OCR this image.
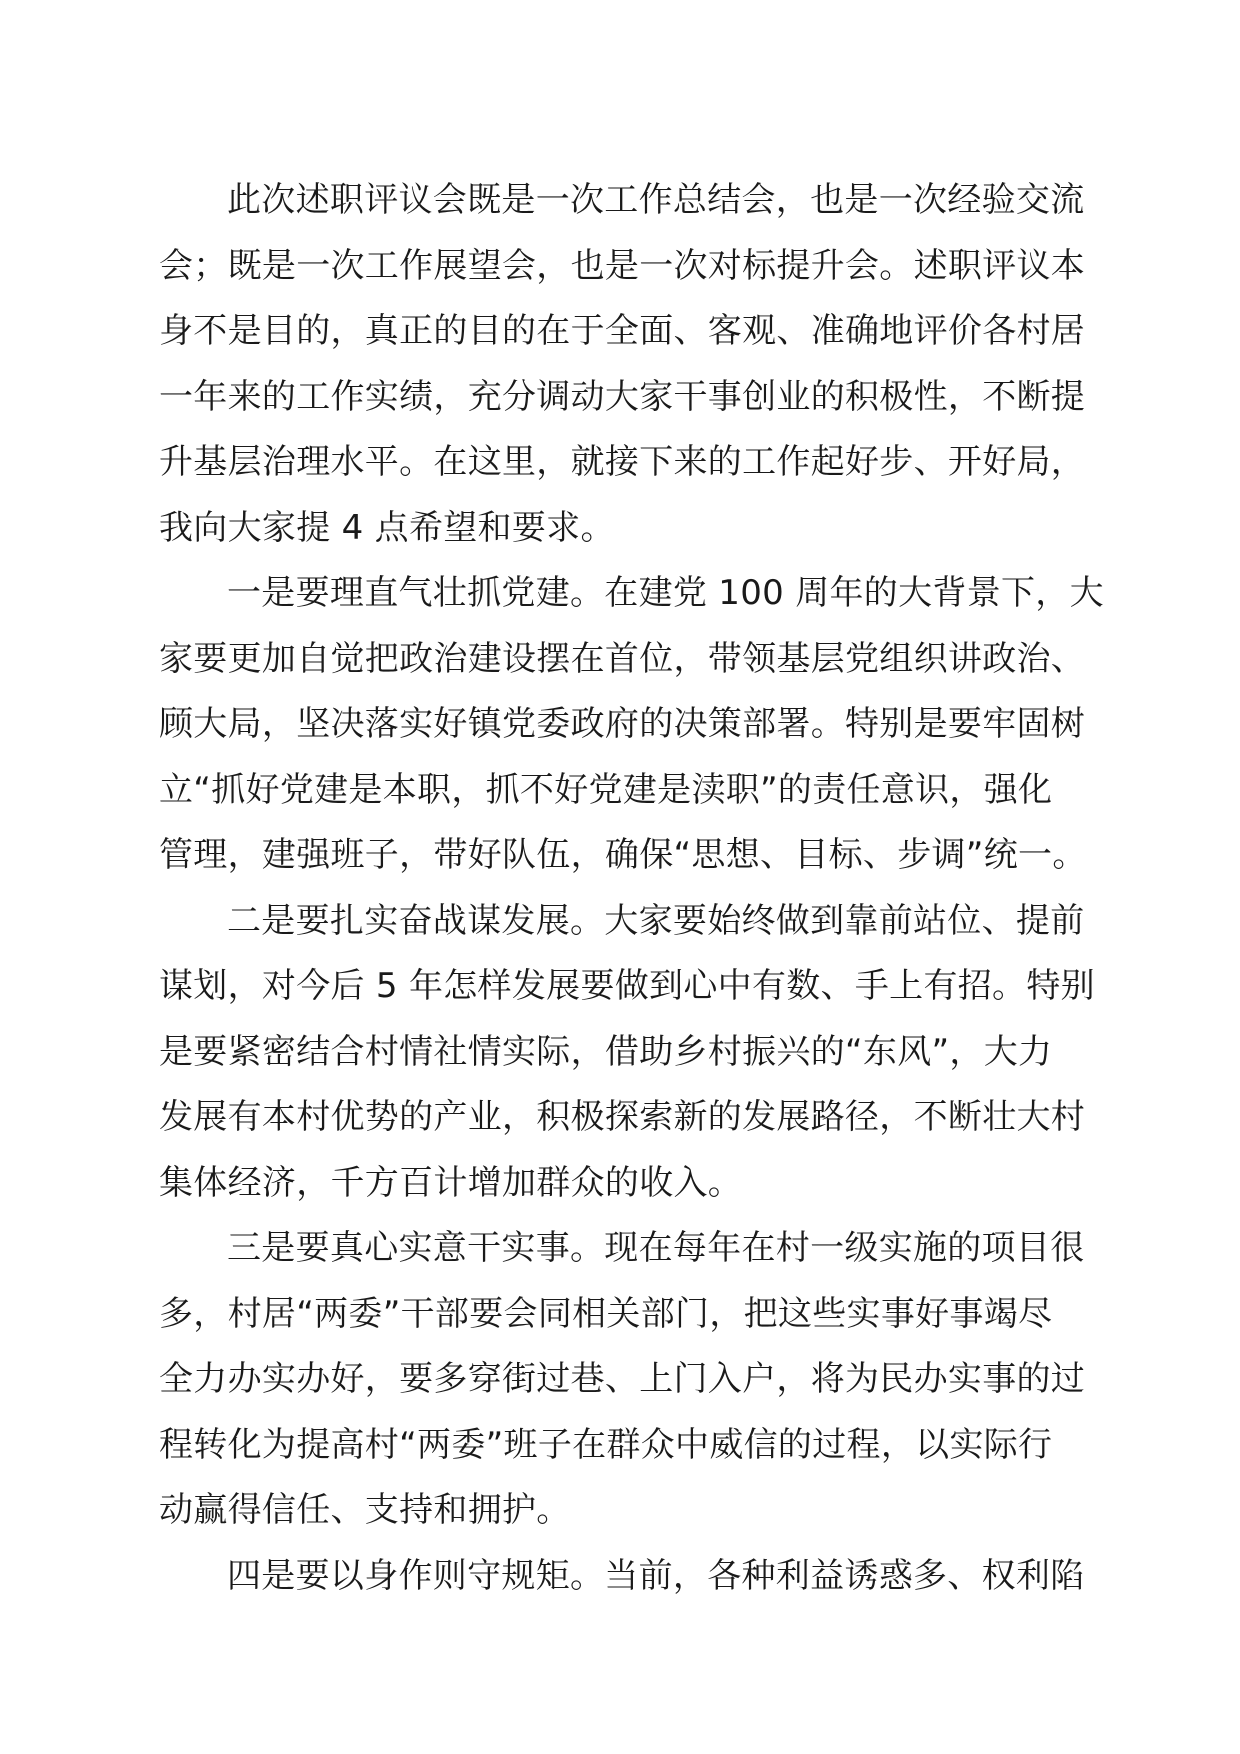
此次述职评议会既是一次工作总结会，也是一次经验交流
会；既是一次工作展望会，也是一次对标提升会。述职评议本
身不是目的，真正的目的在于全面、客观、准确地评价各村居
一年来的工作实绩，充分调动大家干事创业的积极性，不断提
升基层治理水平。在这里，就接下来的工作起好步、开好局，
我向大家提 4 点希望和要求。
一是要理直气壮抓党建。在建党 100 周年的大背景下，大
家要更加自觉把政治建设摆在首位，带领基层党组织讲政治、
顾大局，坚决落实好镇党委政府的决策部署。特别是要牢固树
立“抓好党建是本职，抓不好党建是渎职”的责任意识，强化
管理，建强班子，带好队伍，确保“思想、目标、步调”统一。
二是要扎实奋战谋发展。大家要始终做到靠前站位、提前
谋划，对今后 5 年怎样发展要做到心中有数、手上有招。特别
是要紧密结合村情社情实际，借助乡村振兴的“东风”，大力
发展有本村优势的产业，积极探索新的发展路径，不断壮大村
集体经济，千方百计增加群众的收入。
三是要真心实意干实事。现在每年在村一级实施的项目很
多，村居“两委”干部要会同相关部门，把这些实事好事竭尽
全力办实办好，要多穿街过巷、上门入户，将为民办实事的过
程转化为提高村“两委”班子在群众中威信的过程，以实际行
动赢得信任、支持和拥护。
四是要以身作则守规矩。当前，各种利益诱惑多、权利陷
